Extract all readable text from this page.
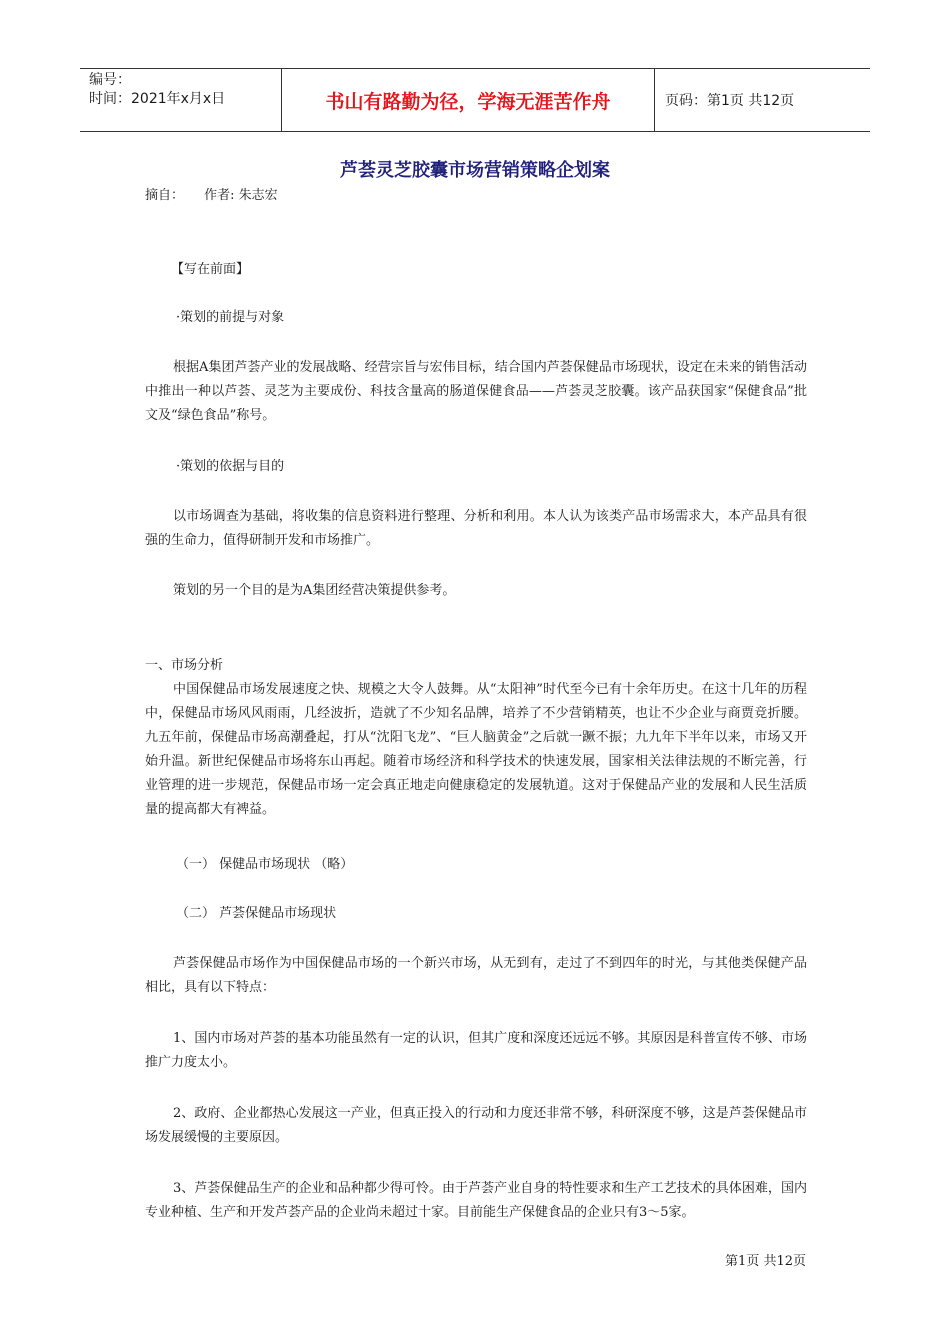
编号：
时间：2021年x月x日	书山有路勤为径，学海无涯苦作舟	页码：第1页 共12页
芦荟灵芝胶囊市场营销策略企划案
摘自： 作者: 朱志宏

【写在前面】

·策划的前提与对象

根据A集团芦荟产业的发展战略、经营宗旨与宏伟目标，结合国内芦荟保健品市场现状，设定在未来的销售活动中推出一种以芦荟、灵芝为主要成份、科技含量高的肠道保健食品——芦荟灵芝胶囊。该产品获国家“保健食品”批文及“绿色食品”称号。

·策划的依据与目的

以市场调查为基础，将收集的信息资料进行整理、分析和利用。本人认为该类产品市场需求大，本产品具有很强的生命力，值得研制开发和市场推广。

策划的另一个目的是为A集团经营决策提供参考。

一、市场分析

中国保健品市场发展速度之快、规模之大令人鼓舞。从“太阳神”时代至今已有十余年历史。在这十几年的历程中，保健品市场风风雨雨，几经波折，造就了不少知名品牌，培养了不少营销精英，也让不少企业与商贾竞折腰。九五年前，保健品市场高潮叠起，打从“沈阳飞龙”、“巨人脑黄金”之后就一蹶不振；九九年下半年以来，市场又开始升温。新世纪保健品市场将东山再起。随着市场经济和科学技术的快速发展，国家相关法律法规的不断完善，行业管理的进一步规范，保健品市场一定会真正地走向健康稳定的发展轨道。这对于保健品产业的发展和人民生活质量的提高都大有裨益。

（一） 保健品市场现状 （略）

（二） 芦荟保健品市场现状

芦荟保健品市场作为中国保健品市场的一个新兴市场，从无到有，走过了不到四年的时光，与其他类保健产品相比，具有以下特点：

1、国内市场对芦荟的基本功能虽然有一定的认识，但其广度和深度还远远不够。其原因是科普宣传不够、市场推广力度太小。

2、政府、企业都热心发展这一产业，但真正投入的行动和力度还非常不够，科研深度不够，这是芦荟保健品市场发展缓慢的主要原因。

3、芦荟保健品生产的企业和品种都少得可怜。由于芦荟产业自身的特性要求和生产工艺技术的具体困难，国内专业种植、生产和开发芦荟产品的企业尚未超过十家。目前能生产保健食品的企业只有3～5家。

第1页 共12页
